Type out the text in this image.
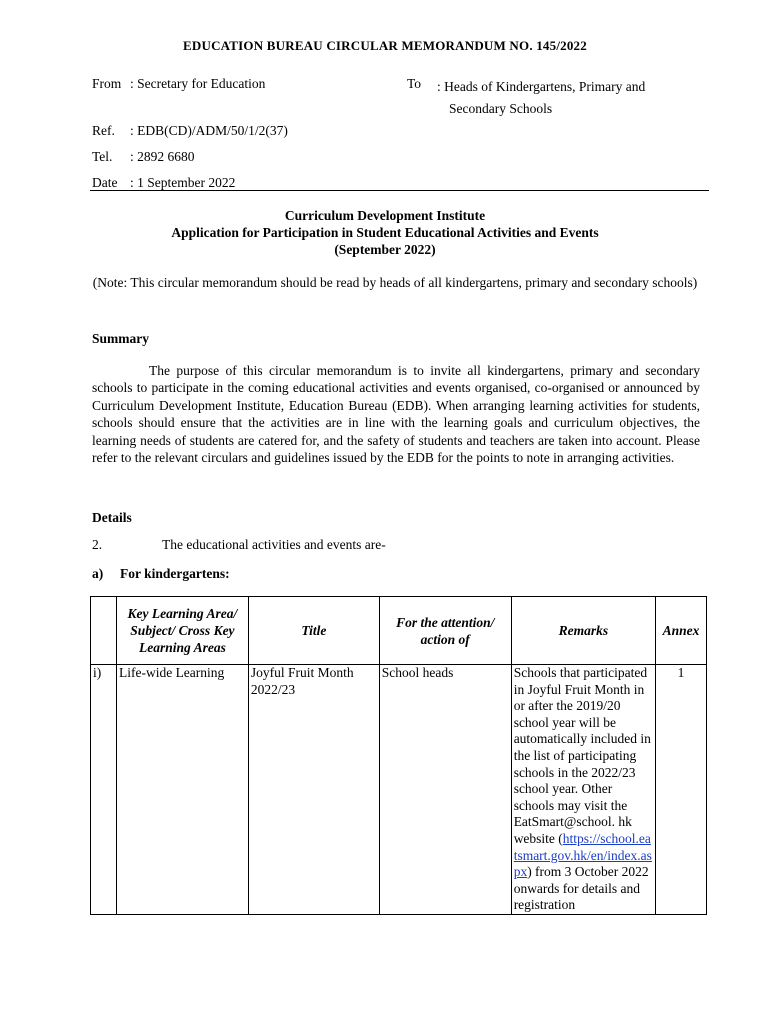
EDUCATION BUREAU CIRCULAR MEMORANDUM NO. 145/2022
From : Secretary for Education	To : Heads of Kindergartens, Primary and
Secondary Schools
Ref. : EDB(CD)/ADM/50/1/2(37)
Tel. : 2892 6680
Date : 1 September 2022
Curriculum Development Institute
Application for Participation in Student Educational Activities and Events
(September 2022)
(Note: This circular memorandum should be read by heads of all kindergartens, primary and secondary schools)
Summary
The purpose of this circular memorandum is to invite all kindergartens, primary and secondary schools to participate in the coming educational activities and events organised, co-organised or announced by Curriculum Development Institute, Education Bureau (EDB). When arranging learning activities for students, schools should ensure that the activities are in line with the learning goals and curriculum objectives, the learning needs of students are catered for, and the safety of students and teachers are taken into account. Please refer to the relevant circulars and guidelines issued by the EDB for the points to note in arranging activities.
Details
2.	The educational activities and events are-
a) For kindergartens:
	Key Learning Area/ Subject/ Cross Key Learning Areas	Title	For the attention/ action of	Remarks	Annex
i)	Life-wide Learning	Joyful Fruit Month 2022/23	School heads	Schools that participated in Joyful Fruit Month in or after the 2019/20 school year will be automatically included in the list of participating schools in the 2022/23 school year. Other schools may visit the EatSmart@school. hk website (https://school.eatsmart.gov.hk/en/index.aspx) from 3 October 2022 onwards for details and registration	1
